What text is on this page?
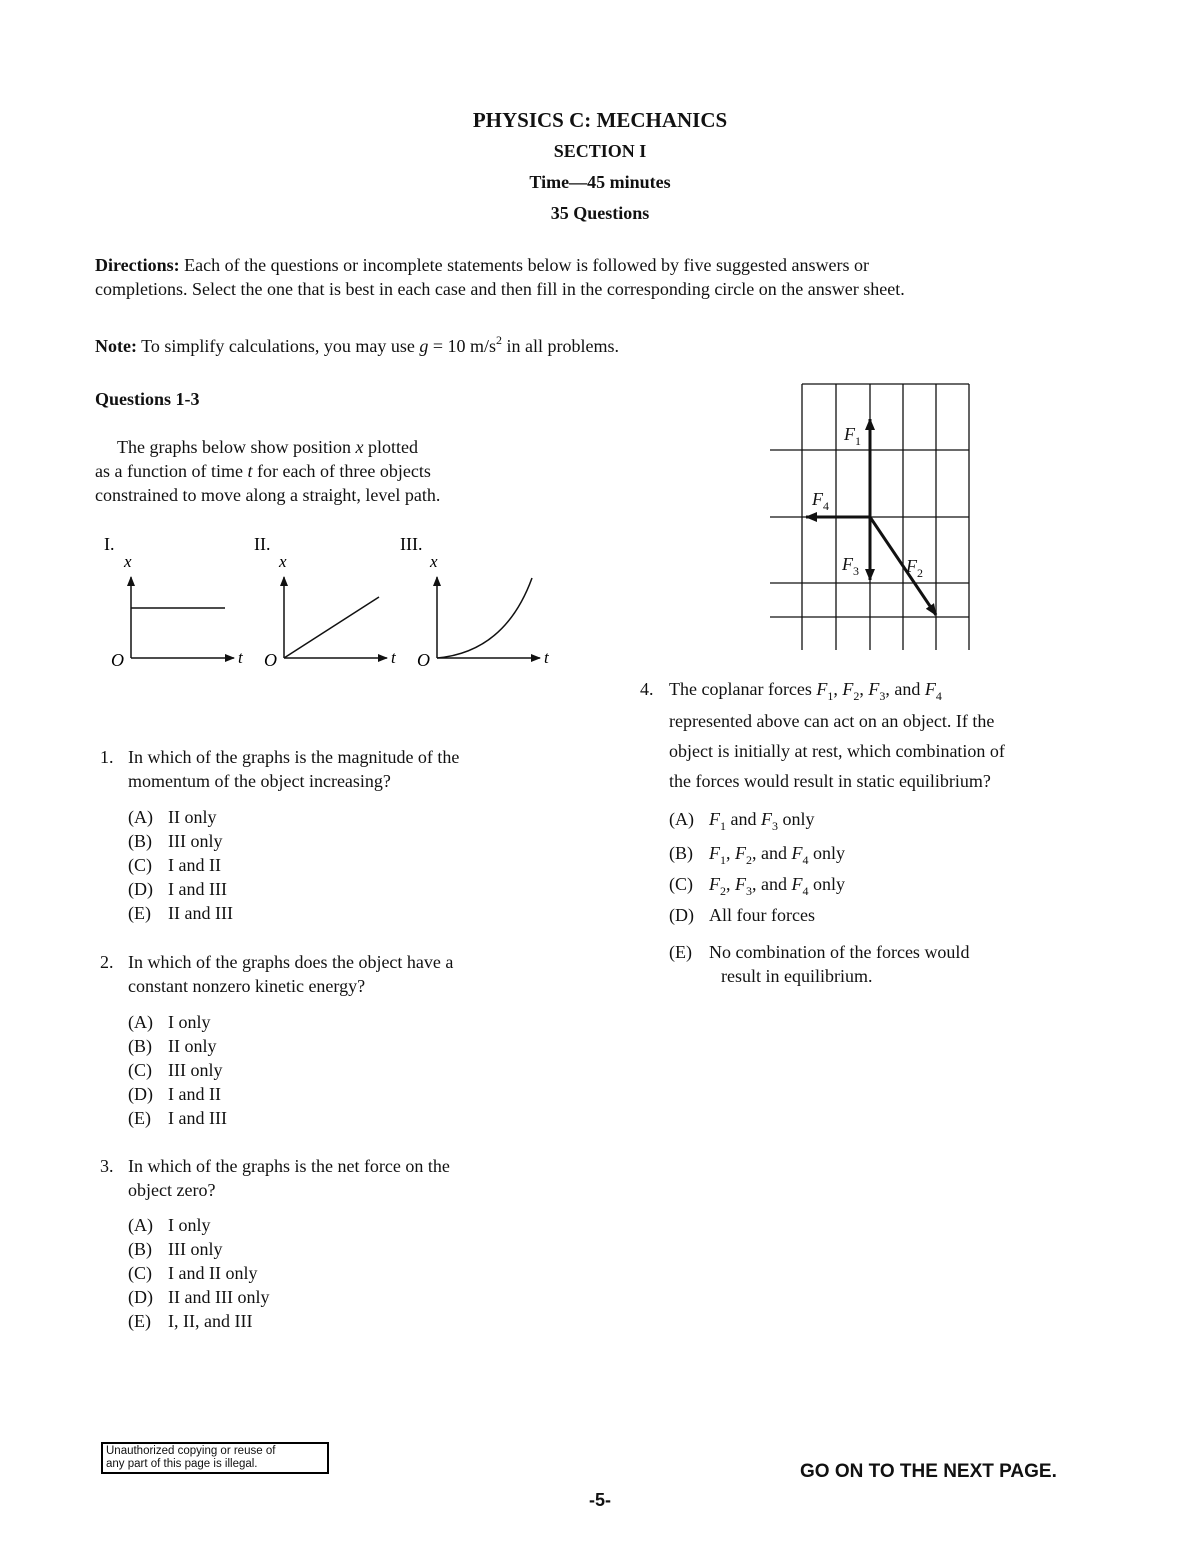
PHYSICS C: MECHANICS
SECTION I
Time—45 minutes
35 Questions
Directions: Each of the questions or incomplete statements below is followed by five suggested answers or
completions. Select the one that is best in each case and then fill in the corresponding circle on the answer sheet.
Note: To simplify calculations, you may use g = 10 $m/s^2$ in all problems.
Questions 1-3
The graphs below show position x plotted
as a function of time t for each of three objects
constrained to move along a straight, level path.
I.
x
O	t
II.
x
O	t
III.
x
O	t
1. In which of the graphs is the magnitude of the
momentum of the object increasing?
(A) II only
(B) III only
(C) I and II
(D) I and III
(E) II and III
2. In which of the graphs does the object have a
constant nonzero kinetic energy?
(A) I only
(B) II only
(C) III only
(D) I and II
(E) I and III
3. In which of the graphs is the net force on the
object zero?
(A) I only
(B) III only
(C) I and II only
(D) II and III only
(E) I, II, and III
$F_1$
$F_2$
$F_3$
$F_4$
4. The coplanar forces $F_1$, $F_2$, $F_3$, and $F_4$
represented above can act on an object. If the
object is initially at rest, which combination of
the forces would result in static equilibrium?
(A) $F_1$ and $F_3$ only
(B) $F_1$, $F_2$, and $F_4$ only
(C) $F_2$, $F_3$, and $F_4$ only
(D) All four forces
(E) No combination of the forces would
result in equilibrium.
Unauthorized copying or reuse of
any part of this page is illegal.	GO ON TO THE NEXT PAGE.
-5-
